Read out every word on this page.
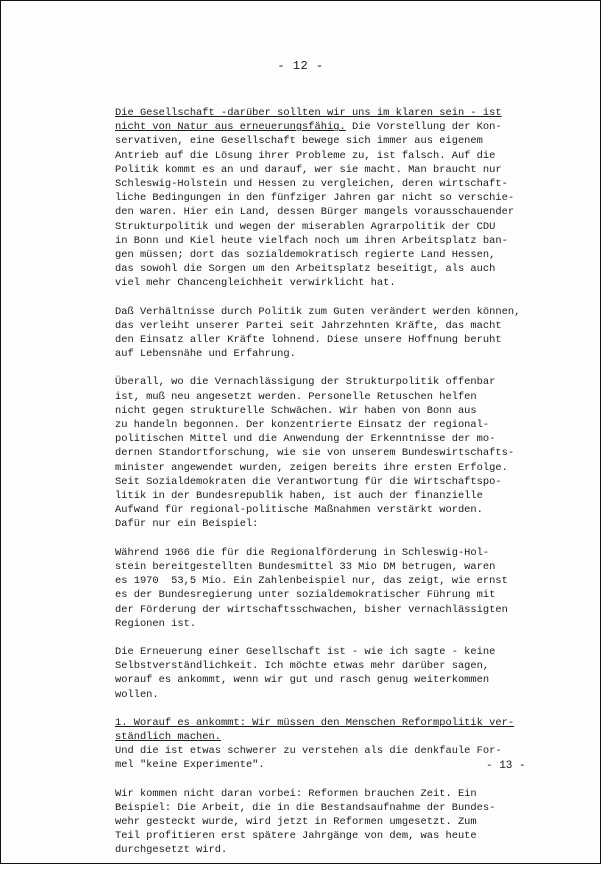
- 12 -
Die Gesellschaft -darüber sollten wir uns im klaren sein - ist
nicht von Natur aus erneuerungsfähig. Die Vorstellung der Kon-
servativen, eine Gesellschaft bewege sich immer aus eigenem
Antrieb auf die Lösung ihrer Probleme zu, ist falsch. Auf die
Politik kommt es an und darauf, wer sie macht. Man braucht nur
Schleswig-Holstein und Hessen zu vergleichen, deren wirtschaft-
liche Bedingungen in den fünfziger Jahren gar nicht so verschie-
den waren. Hier ein Land, dessen Bürger mangels vorausschauender
Strukturpolitik und wegen der miserablen Agrarpolitik der CDU
in Bonn und Kiel heute vielfach noch um ihren Arbeitsplatz ban-
gen müssen; dort das sozialdemokratisch regierte Land Hessen,
das sowohl die Sorgen um den Arbeitsplatz beseitigt, als auch
viel mehr Chancengleichheit verwirklicht hat.
Daß Verhältnisse durch Politik zum Guten verändert werden können,
das verleiht unserer Partei seit Jahrzehnten Kräfte, das macht
den Einsatz aller Kräfte lohnend. Diese unsere Hoffnung beruht
auf Lebensnähe und Erfahrung.
Überall, wo die Vernachlässigung der Strukturpolitik offenbar
ist, muß neu angesetzt werden. Personelle Retuschen helfen
nicht gegen strukturelle Schwächen. Wir haben von Bonn aus
zu handeln begonnen. Der konzentrierte Einsatz der regional-
politischen Mittel und die Anwendung der Erkenntnisse der mo-
dernen Standortforschung, wie sie von unserem Bundeswirtschafts-
minister angewendet wurden, zeigen bereits ihre ersten Erfolge.
Seit Sozialdemokraten die Verantwortung für die Wirtschaftspo-
litik in der Bundesrepublik haben, ist auch der finanzielle
Aufwand für regional-politische Maßnahmen verstärkt worden.
Dafür nur ein Beispiel:
Während 1966 die für die Regionalförderung in Schleswig-Hol-
stein bereitgestellten Bundesmittel 33 Mio DM betrugen, waren
es 1970  53,5 Mio. Ein Zahlenbeispiel nur, das zeigt, wie ernst
es der Bundesregierung unter sozialdemokratischer Führung mit
der Förderung der wirtschaftsschwachen, bisher vernachlässigten
Regionen ist.
Die Erneuerung einer Gesellschaft ist - wie ich sagte - keine
Selbstverständlichkeit. Ich möchte etwas mehr darüber sagen,
worauf es ankommt, wenn wir gut und rasch genug weiterkommen
wollen.
1. Worauf es ankommt: Wir müssen den Menschen Reformpolitik ver-
ständlich machen.
Und die ist etwas schwerer zu verstehen als die denkfaule For-
mel "keine Experimente".
Wir kommen nicht daran vorbei: Reformen brauchen Zeit. Ein
Beispiel: Die Arbeit, die in die Bestandsaufnahme der Bundes-
wehr gesteckt wurde, wird jetzt in Reformen umgesetzt. Zum
Teil profitieren erst spätere Jahrgänge von dem, was heute
durchgesetzt wird.
- 13 -
